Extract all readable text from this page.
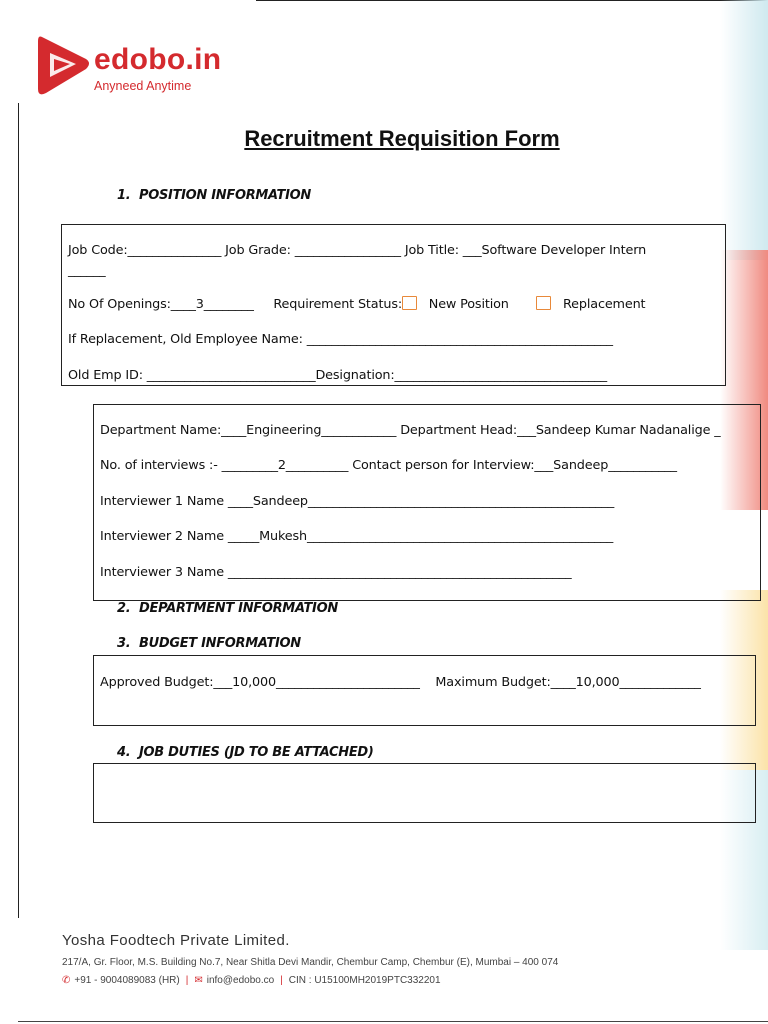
edobo.in
Anyneed Anytime
Recruitment Requisition Form
1. POSITION INFORMATION
Job Code:_______________ Job Grade: _________________ Job Title: ___Software Developer Intern
______
No Of Openings:____3________ Requirement Status: New Position	Replacement
If Replacement, Old Employee Name: _________________________________________________
Old Emp ID: ___________________________Designation:__________________________________
Department Name:____Engineering____________ Department Head:___Sandeep Kumar Nadanalige _
No. of interviews :- _________2__________ Contact person for Interview:___Sandeep___________
Interviewer 1 Name ____Sandeep_________________________________________________
Interviewer 2 Name _____Mukesh_________________________________________________
Interviewer 3 Name _______________________________________________________
2. DEPARTMENT INFORMATION
3. BUDGET INFORMATION
Approved Budget:___10,000_______________________ Maximum Budget:____10,000_____________
4. JOB DUTIES (JD TO BE ATTACHED)
Yosha Foodtech Private Limited.
217/A, Gr. Floor, M.S. Building No.7, Near Shitla Devi Mandir, Chembur Camp, Chembur (E), Mumbai – 400 074
✆ +91 - 9004089083 (HR) | ✉ info@edobo.co | CIN : U15100MH2019PTC332201
